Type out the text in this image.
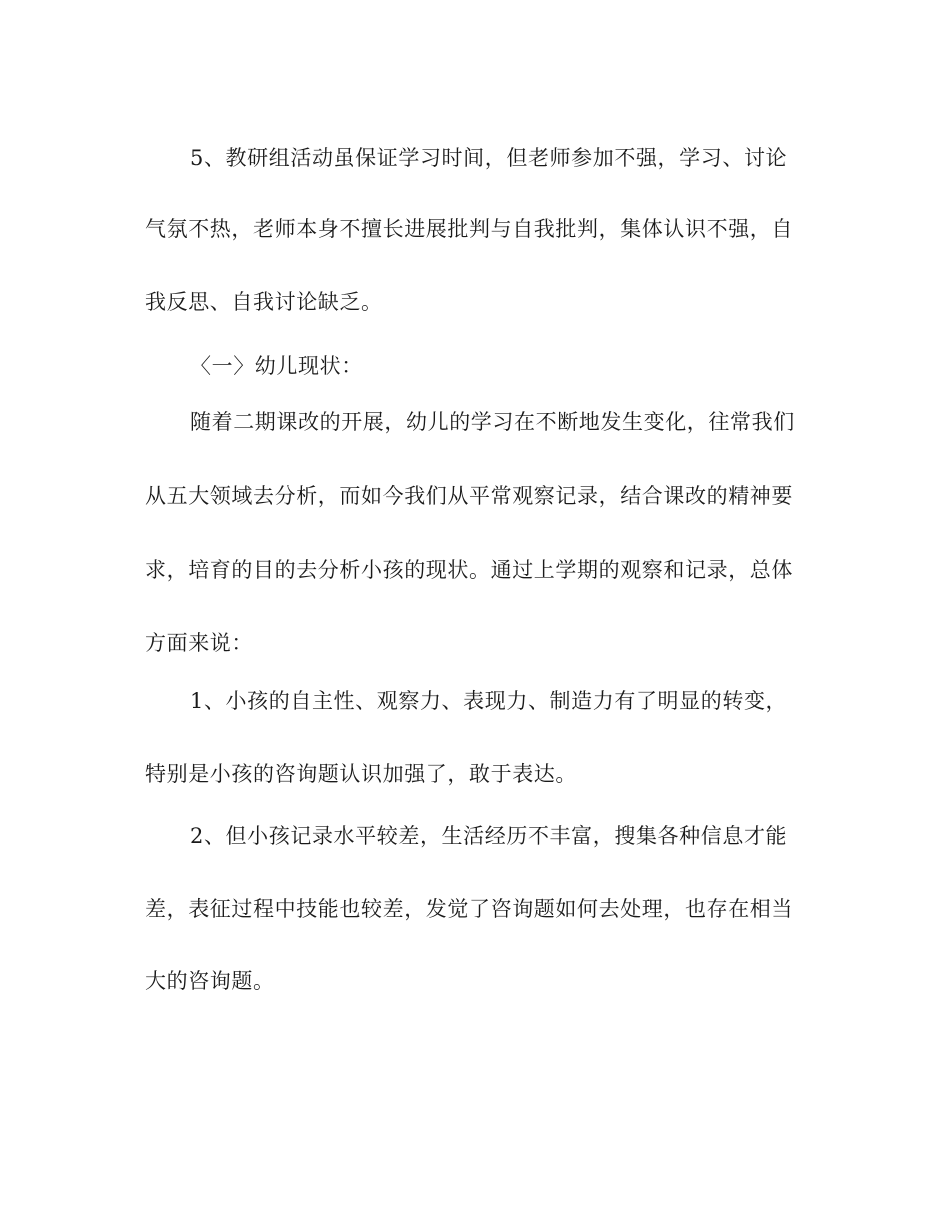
5、教研组活动虽保证学习时间，但老师参加不强，学习、讨论
气氛不热，老师本身不擅长进展批判与自我批判，集体认识不强，自
我反思、自我讨论缺乏。
〈一〉幼儿现状：
随着二期课改的开展，幼儿的学习在不断地发生变化，往常我们
从五大领域去分析，而如今我们从平常观察记录，结合课改的精神要
求，培育的目的去分析小孩的现状。通过上学期的观察和记录，总体
方面来说：
1、小孩的自主性、观察力、表现力、制造力有了明显的转变，
特别是小孩的咨询题认识加强了，敢于表达。
2、但小孩记录水平较差，生活经历不丰富，搜集各种信息才能
差，表征过程中技能也较差，发觉了咨询题如何去处理，也存在相当
大的咨询题。
